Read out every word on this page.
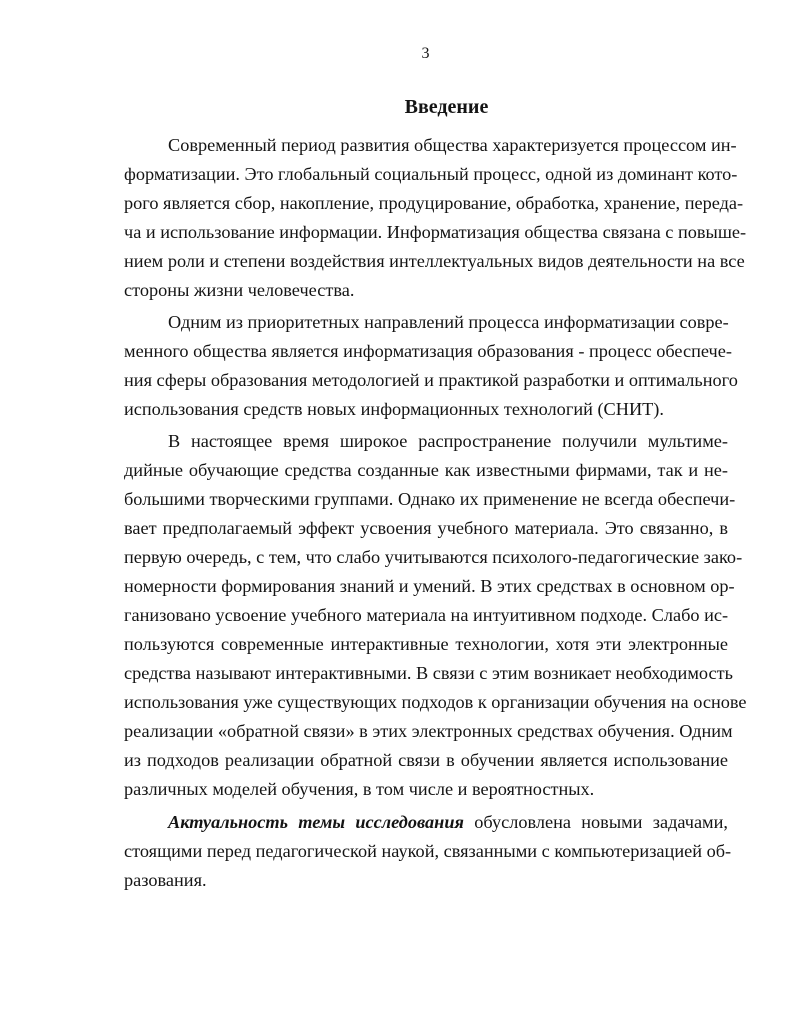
3
Введение
Современный период развития общества характеризуется процессом ин-
форматизации. Это глобальный социальный процесс, одной из доминант кото-
рого является сбор, накопление, продуцирование, обработка, хранение, переда-
ча и использование информации. Информатизация общества связана с повыше-
нием роли и степени воздействия интеллектуальных видов деятельности на все
стороны жизни человечества.
Одним из приоритетных направлений процесса информатизации совре-
менного общества является информатизация образования - процесс обеспече-
ния сферы образования методологией и практикой разработки и оптимального
использования средств новых информационных технологий (СНИТ).
В настоящее время широкое распространение получили мультиме-
дийные обучающие средства созданные как известными фирмами, так и не-
большими творческими группами. Однако их применение не всегда обеспечи-
вает предполагаемый эффект усвоения учебного материала. Это связанно, в
первую очередь, с тем, что слабо учитываются психолого-педагогические зако-
номерности формирования знаний и умений. В этих средствах в основном ор-
ганизовано усвоение учебного материала на интуитивном подходе. Слабо ис-
пользуются современные интерактивные технологии, хотя эти электронные
средства называют интерактивными. В связи с этим возникает необходимость
использования уже существующих подходов к организации обучения на основе
реализации «обратной связи» в этих электронных средствах обучения. Одним
из подходов реализации обратной связи в обучении является использование
различных моделей обучения, в том числе и вероятностных.
Актуальность темы исследования обусловлена новыми задачами,
стоящими перед педагогической наукой, связанными с компьютеризацией об-
разования.
